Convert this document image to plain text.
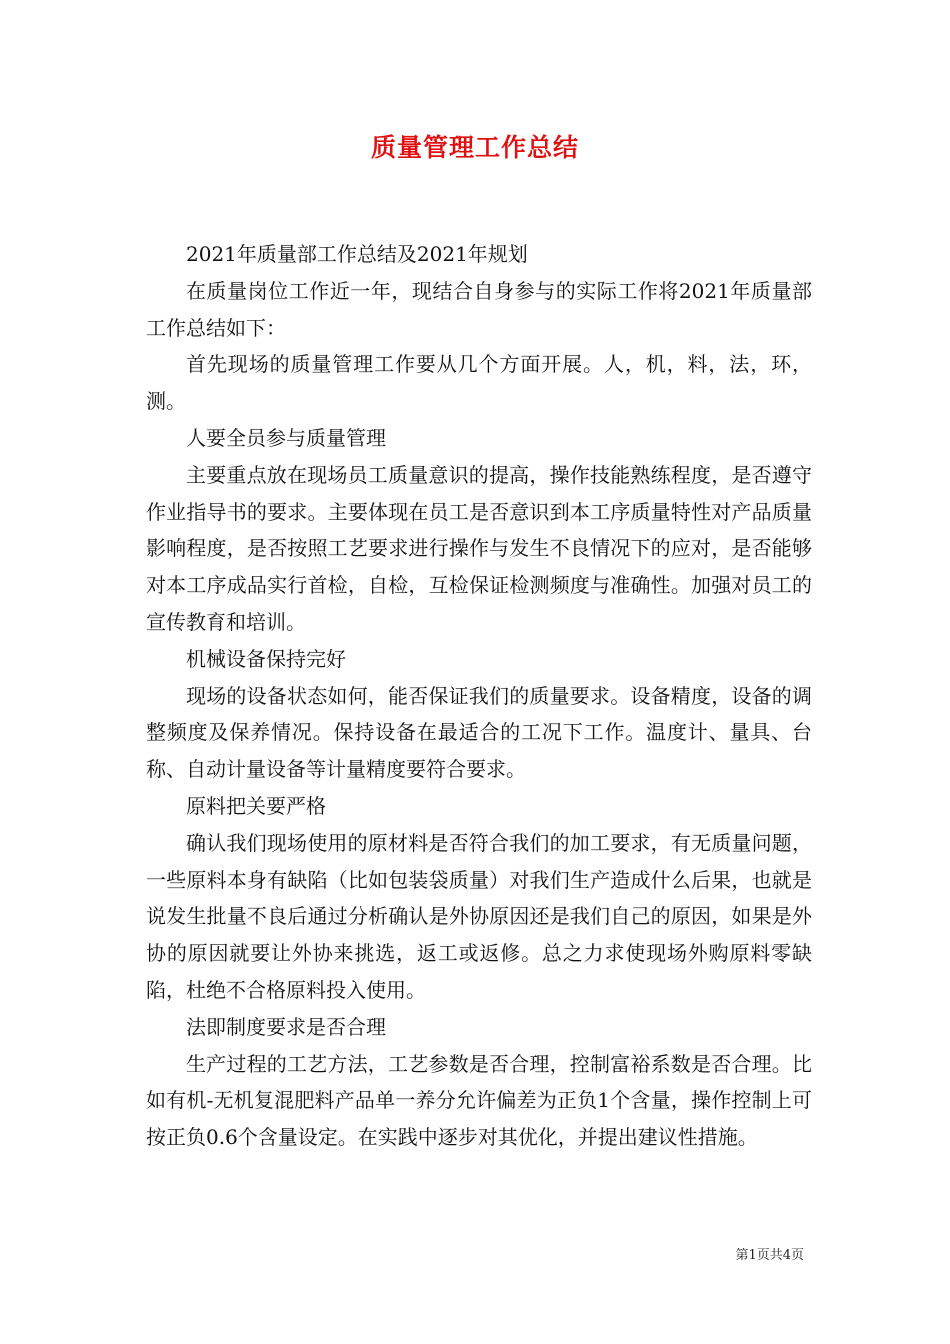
质量管理工作总结

2021年质量部工作总结及2021年规划

在质量岗位工作近一年，现结合自身参与的实际工作将2021年质量部工作总结如下：

首先现场的质量管理工作要从几个方面开展。人，机，料，法，环，测。

人要全员参与质量管理

主要重点放在现场员工质量意识的提高，操作技能熟练程度，是否遵守作业指导书的要求。主要体现在员工是否意识到本工序质量特性对产品质量影响程度，是否按照工艺要求进行操作与发生不良情况下的应对，是否能够对本工序成品实行首检，自检，互检保证检测频度与准确性。加强对员工的宣传教育和培训。

机械设备保持完好

现场的设备状态如何，能否保证我们的质量要求。设备精度，设备的调整频度及保养情况。保持设备在最适合的工况下工作。温度计、量具、台称、自动计量设备等计量精度要符合要求。

原料把关要严格

确认我们现场使用的原材料是否符合我们的加工要求，有无质量问题，一些原料本身有缺陷（比如包装袋质量）对我们生产造成什么后果，也就是说发生批量不良后通过分析确认是外协原因还是我们自己的原因，如果是外协的原因就要让外协来挑选，返工或返修。总之力求使现场外购原料零缺陷，杜绝不合格原料投入使用。

法即制度要求是否合理

生产过程的工艺方法，工艺参数是否合理，控制富裕系数是否合理。比如有机-无机复混肥料产品单一养分允许偏差为正负1个含量，操作控制上可按正负0.6个含量设定。在实践中逐步对其优化，并提出建议性措施。

第1页共4页
